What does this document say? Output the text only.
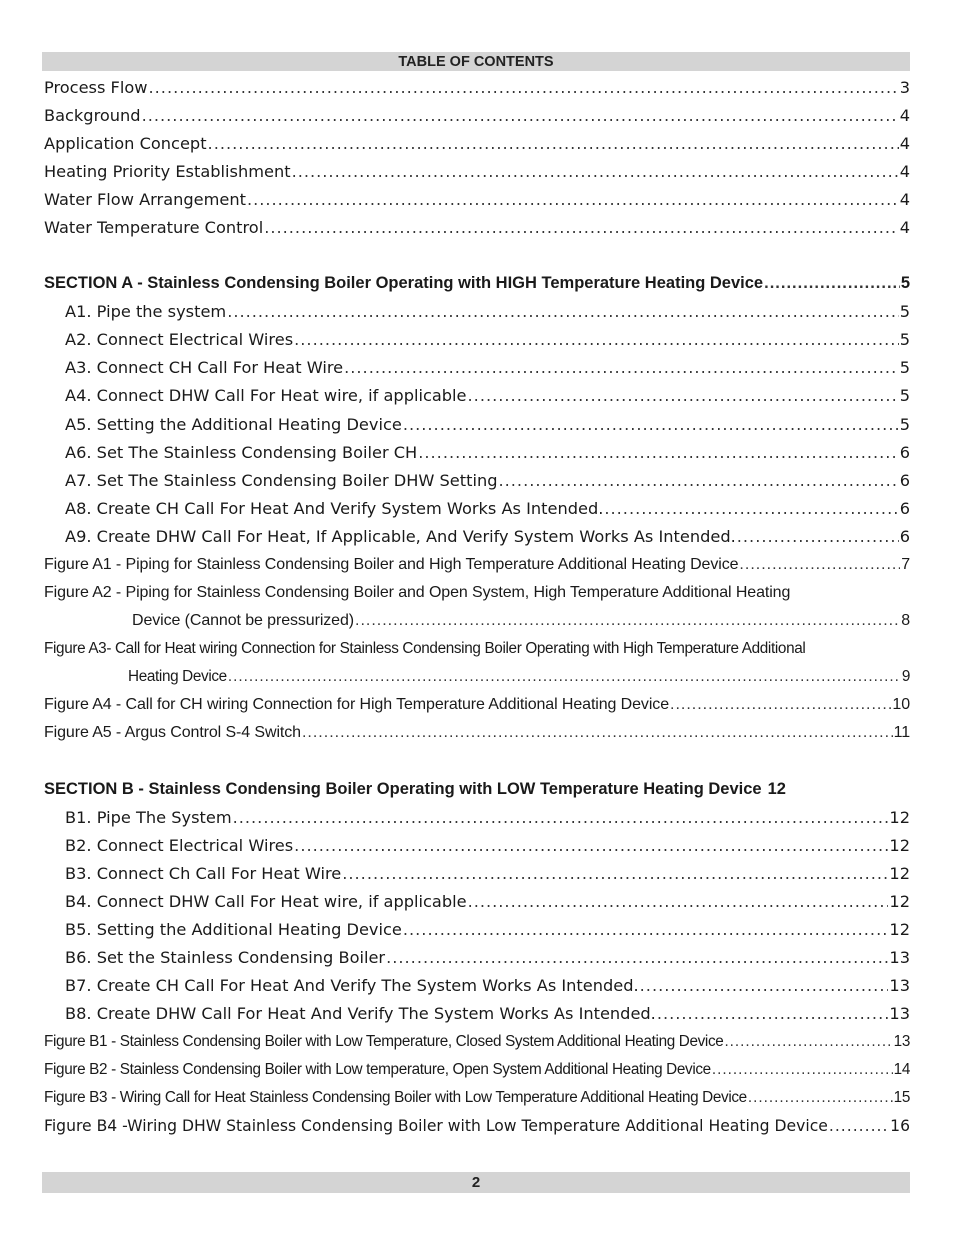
TABLE OF CONTENTS
Process Flow .....	3
Background .....	4
Application Concept .....	4
Heating Priority Establishment .....	4
Water Flow Arrangement .....	4
Water Temperature Control .....	4
SECTION A - Stainless Condensing Boiler Operating with HIGH Temperature Heating Device .....	5
A1. Pipe the system .....	5
A2. Connect Electrical Wires .....	5
A3. Connect CH Call For Heat Wire .....	5
A4. Connect DHW Call For Heat wire, if applicable .....	5
A5. Setting the Additional Heating Device .....	5
A6. Set The Stainless Condensing Boiler CH .....	6
A7. Set The Stainless Condensing Boiler DHW Setting .....	6
A8. Create CH Call For Heat And Verify System Works As Intended. .....	6
A9. Create DHW Call For Heat, If Applicable, And Verify System Works As Intended. .....	6
Figure A1 - Piping for Stainless Condensing Boiler and High Temperature Additional Heating Device .....	7
Figure A2 - Piping for Stainless Condensing Boiler and Open System, High Temperature Additional Heating
Device (Cannot be pressurized) .....	8
Figure A3- Call for Heat wiring Connection for Stainless Condensing Boiler Operating with High Temperature Additional
Heating Device .....	9
Figure A4 - Call for CH wiring Connection for High Temperature Additional Heating Device .....	10
Figure A5 - Argus Control S-4 Switch .....	11
SECTION B - Stainless Condensing Boiler Operating with LOW Temperature Heating Device 12
B1. Pipe The System .....	12
B2. Connect Electrical Wires .....	12
B3. Connect Ch Call For Heat Wire .....	12
B4. Connect DHW Call For Heat wire, if applicable .....	12
B5. Setting the Additional Heating Device .....	12
B6. Set the Stainless Condensing Boiler .....	13
B7. Create CH Call For Heat And Verify The System Works As Intended. .....	13
B8. Create DHW Call For Heat And Verify The System Works As Intended. .....	13
Figure B1 - Stainless Condensing Boiler with Low Temperature, Closed System Additional Heating Device .....	13
Figure B2 - Stainless Condensing Boiler with Low temperature, Open System Additional Heating Device .....	14
Figure B3 - Wiring Call for Heat Stainless Condensing Boiler with Low Temperature Additional Heating Device .....	15
Figure B4 -Wiring DHW Stainless Condensing Boiler with Low Temperature Additional Heating Device .....	16
2
